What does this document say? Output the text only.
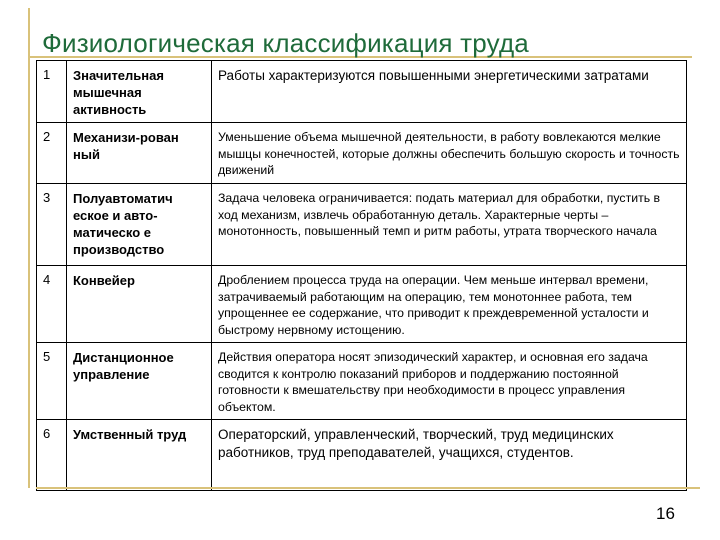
Физиологическая классификация труда
1	Значительная мышечная активность	Работы характеризуются повышенными энергетическими затратами
2	Механизи-рован ный	Уменьшение объема мышечной деятельности, в работу вовлекаются мелкие мышцы конечностей, которые должны обеспечить большую скорость и точность движений
3	Полуавтоматич еское и авто-матическо е производство	Задача человека ограничивается: подать материал для обработки, пустить в ход механизм, извлечь обработанную деталь. Характерные черты – монотонность, повышенный темп и ритм работы, утрата творческого начала
4	Конвейер	Дроблением процесса труда на операции. Чем меньше интервал времени, затрачиваемый работающим на операцию, тем монотоннее работа, тем упрощеннее ее содержание, что приводит к преждевременной усталости и быстрому нервному истощению.
5	Дистанционное управление	Действия оператора носят эпизодический характер, и основная его задача сводится к контролю показаний приборов и поддержанию постоянной готовности к вмешательству при необходимости в процесс управления объектом.
6	Умственный труд	Операторский, управленческий, творческий, труд медицинских работников, труд преподавателей, учащихся, студентов.
16
